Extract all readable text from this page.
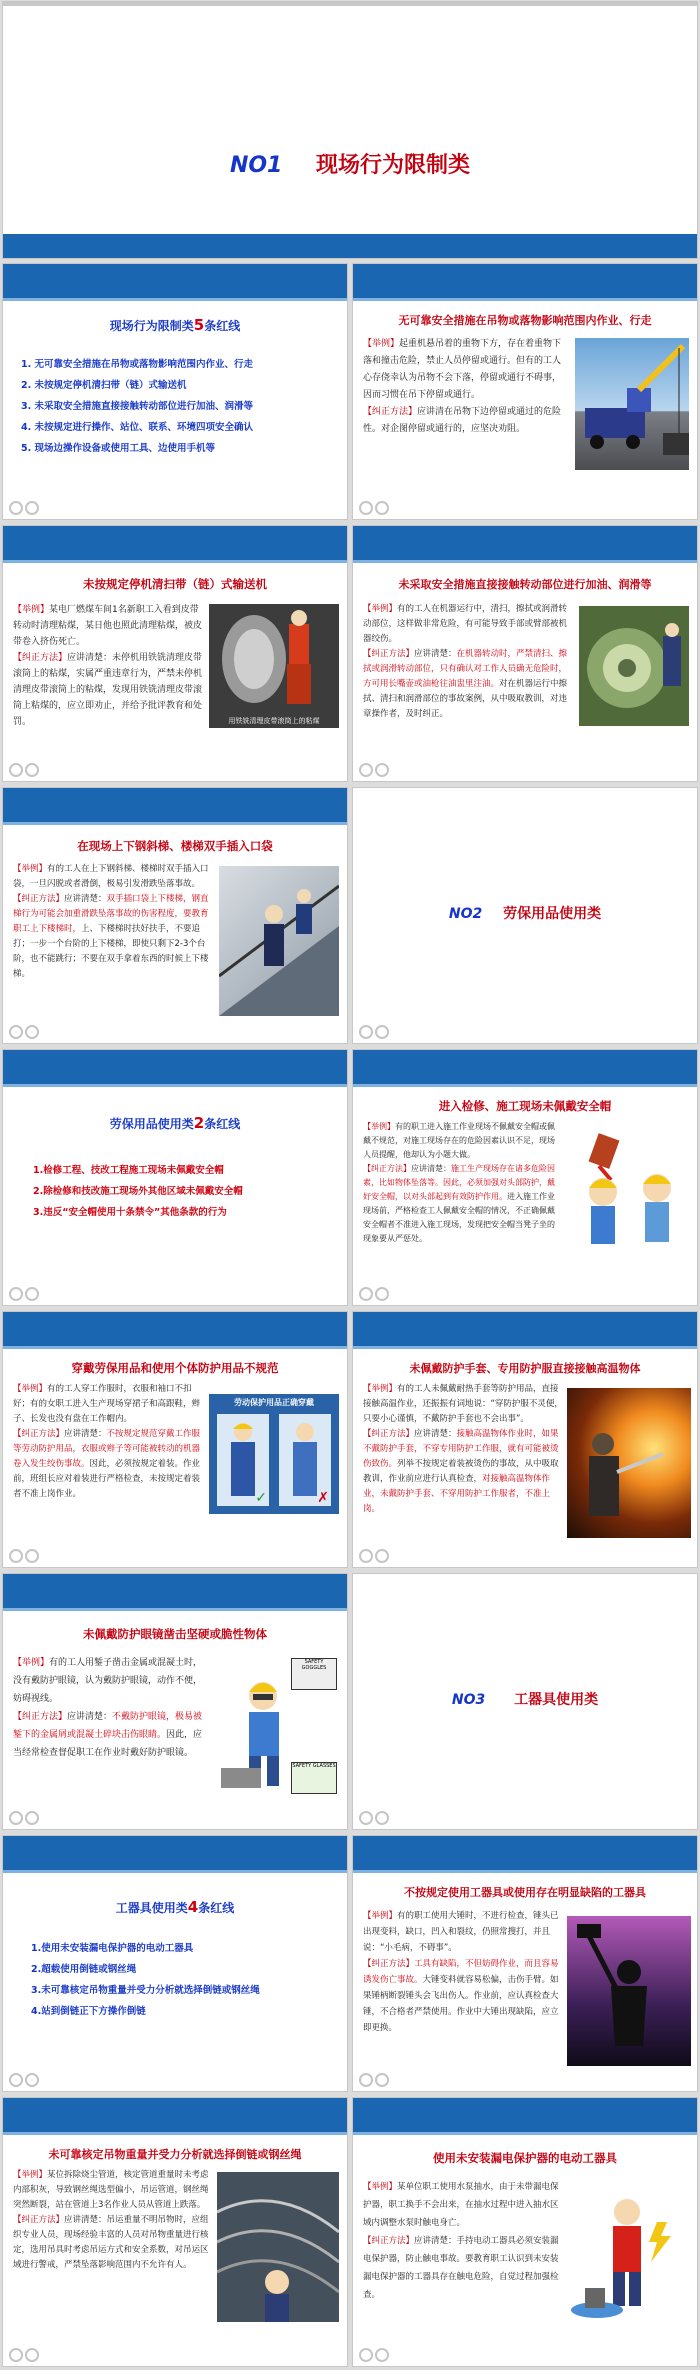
NO1 现场行为限制类
现场行为限制类5条红线
1. 无可靠安全措施在吊物或落物影响范围内作业、行走
2. 未按规定停机清扫带（链）式输送机
3. 未采取安全措施直接接触转动部位进行加油、润滑等
4. 未按规定进行操作、站位、联系、环境四项安全确认
5. 现场边操作设备或使用工具、边使用手机等
无可靠安全措施在吊物或落物影响范围内作业、行走
【举例】起重机悬吊着的重物下方，存在着重物下落和撞击危险，禁止人员停留或通行。但有的工人心存侥幸认为吊物不会下落，停留或通行不碍事，因而习惯在吊下停留或通行。
【纠正方法】应讲清在吊物下边停留或通过的危险性。对企图停留或通行的，应坚决劝阻。
未按规定停机清扫带（链）式输送机
【举例】某电厂燃煤车间1名新职工入看到皮带转动时清理粘煤，某日他也照此清理粘煤，被皮带卷入挤伤死亡。
【纠正方法】应讲清楚：未停机用铁铣清理皮带滚筒上的粘煤，实属严重违章行为，严禁未停机清理皮带滚筒上的粘煤，发现用铁铣清理皮带滚筒上粘煤的，应立即劝止，并给予批评教育和处罚。	用铁铣清理皮带滚筒上的粘煤
未采取安全措施直接接触转动部位进行加油、润滑等
【举例】有的工人在机器运行中，清扫，擦拭或润滑转动部位，这样做非常危险，有可能导致手部或臂部被机器绞伤。
【纠正方法】应讲清楚：在机器转动时，严禁清扫、擦拭或润滑转动部位，只有确认对工作人员确无危险时，方可用长嘴壶或油枪往油盅里注油。对在机器运行中擦拭、清扫和润滑部位的事故案例，从中吸取教训，对违章操作者，及时纠正。
在现场上下钢斜梯、楼梯双手插入口袋
【举例】有的工人在上下钢斜梯、楼梯时双手插入口袋，一旦闪脱或者滑倒，极易引发滑跌坠落事故。
【纠正方法】应讲清楚：双手插口袋上下楼梯，钢直梯行为可能会加重滑跌坠落事故的伤害程度，要教育职工上下楼梯时，上、下楼梯时扶好扶手，不要追打；一步一个台阶的上下楼梯，即使只剩下2-3个台阶，也不能跳行；不要在双手拿着东西的时候上下楼梯。
NO2 劳保用品使用类
劳保用品使用类2条红线
1.检修工程、技改工程施工现场未佩戴安全帽
2.除检修和技改施工现场外其他区域未佩戴安全帽
3.违反“安全帽使用十条禁令”其他条款的行为
进入检修、施工现场未佩戴安全帽
【举例】有的职工进入施工作业现场不佩戴安全帽或佩戴不规范，对施工现场存在的危险因素认识不足，现场人员提醒，他却认为小题大做。
【纠正方法】应讲清楚：施工生产现场存在诸多危险因素，比如物体坠落等。因此，必须加强对头部防护，戴好安全帽，以对头部起到有效防护作用。进入施工作业现场前，严格检查工人佩戴安全帽的情况，不正确佩戴安全帽者不准进入施工现场，发现把安全帽当凳子坐的现象要从严惩处。
穿戴劳保用品和使用个体防护用品不规范
【举例】有的工人穿工作服时，衣服和袖口不扣好；有的女职工进入生产现场穿裙子和高跟鞋，辫子、长发也没有盘在工作帽内。
【纠正方法】应讲清楚：不按规定规范穿戴工作服等劳动防护用品，衣服或辫子等可能被转动的机器卷入发生绞伤事故。因此，必须按规定着装。作业前，班组长应对着装进行严格检查，未按规定着装者不准上岗作业。
劳动保护用品正确穿戴
✓	✗
未佩戴防护手套、专用防护服直接接触高温物体
【举例】有的工人未佩戴耐热手套等防护用品，直接接触高温作业，还振振有词地说：“穿防护服不灵便，只要小心谨慎，不戴防护手套也不会出事”。
【纠正方法】应讲清楚：接触高温物体作业时，如果不戴防护手套，不穿专用防护工作服，就有可能被烫伤致伤。列举不按规定着装被烫伤的事故，从中吸取教训，作业前应进行认真检查，对接触高温物体作业，未戴防护手套、不穿用防护工作服者，不准上岗。
未佩戴防护眼镜凿击坚硬或脆性物体
【举例】有的工人用錾子凿击金属或混凝土时，没有戴防护眼镜，认为戴防护眼镜，动作不便，妨碍视线。
【纠正方法】应讲清楚：不戴防护眼镜，极易被錾下的金属屑或混凝土碎块击伤眼睛。因此，应当经常检查督促职工在作业时戴好防护眼镜。
SAFETY GOGGLES
SAFETY GLASSES
NO3 工器具使用类
工器具使用类4条红线
1.使用未安装漏电保护器的电动工器具
2.超载使用倒链或钢丝绳
3.未可靠核定吊物重量并受力分析就选择倒链或钢丝绳
4.站到倒链正下方操作倒链
不按规定使用工器具或使用存在明显缺陷的工器具
【举例】有的职工使用大锤时，不进行检查，锤头已出现变料，缺口，凹入和裂纹，仍照常搜打，并且说：“小毛病，不碍事”。
【纠正方法】工具有缺陷，不但妨碍作业，而且容易诱发伤亡事故。大锤变料就容易松偏，击伤手臂。如果锤柄断裂锤头会飞出伤人。作业前，应认真检查大锤，不合格者严禁使用。作业中大锤出现缺陷，应立即更换。
未可靠核定吊物重量并受力分析就选择倒链或钢丝绳
【举例】某位拆除烧尘管道，核定管道重量时未考虑内部积灰，导致钢丝绳选型偏小，吊运管道，钢丝绳突然断裂，站在管道上3名作业人员从管道上跌落。
【纠正方法】应讲清楚：吊运重量不明吊物时，应组织专业人员，现场经验丰富的人员对吊物重量进行核定，选用吊具时考虑吊运方式和安全系数，对吊运区域进行警戒，严禁坠落影响范围内不允许有人。
使用未安装漏电保护器的电动工器具
【举例】某单位职工使用水泵抽水，由于未带漏电保护器，职工换手不会出来，在抽水过程中进入抽水区域内调整水泵时触电身亡。
【纠正方法】应讲清楚：手持电动工器具必须安装漏电保护器，防止触电事故。要教育职工认识到未安装漏电保护器的工器具存在触电危险，自觉过程加强检查。
